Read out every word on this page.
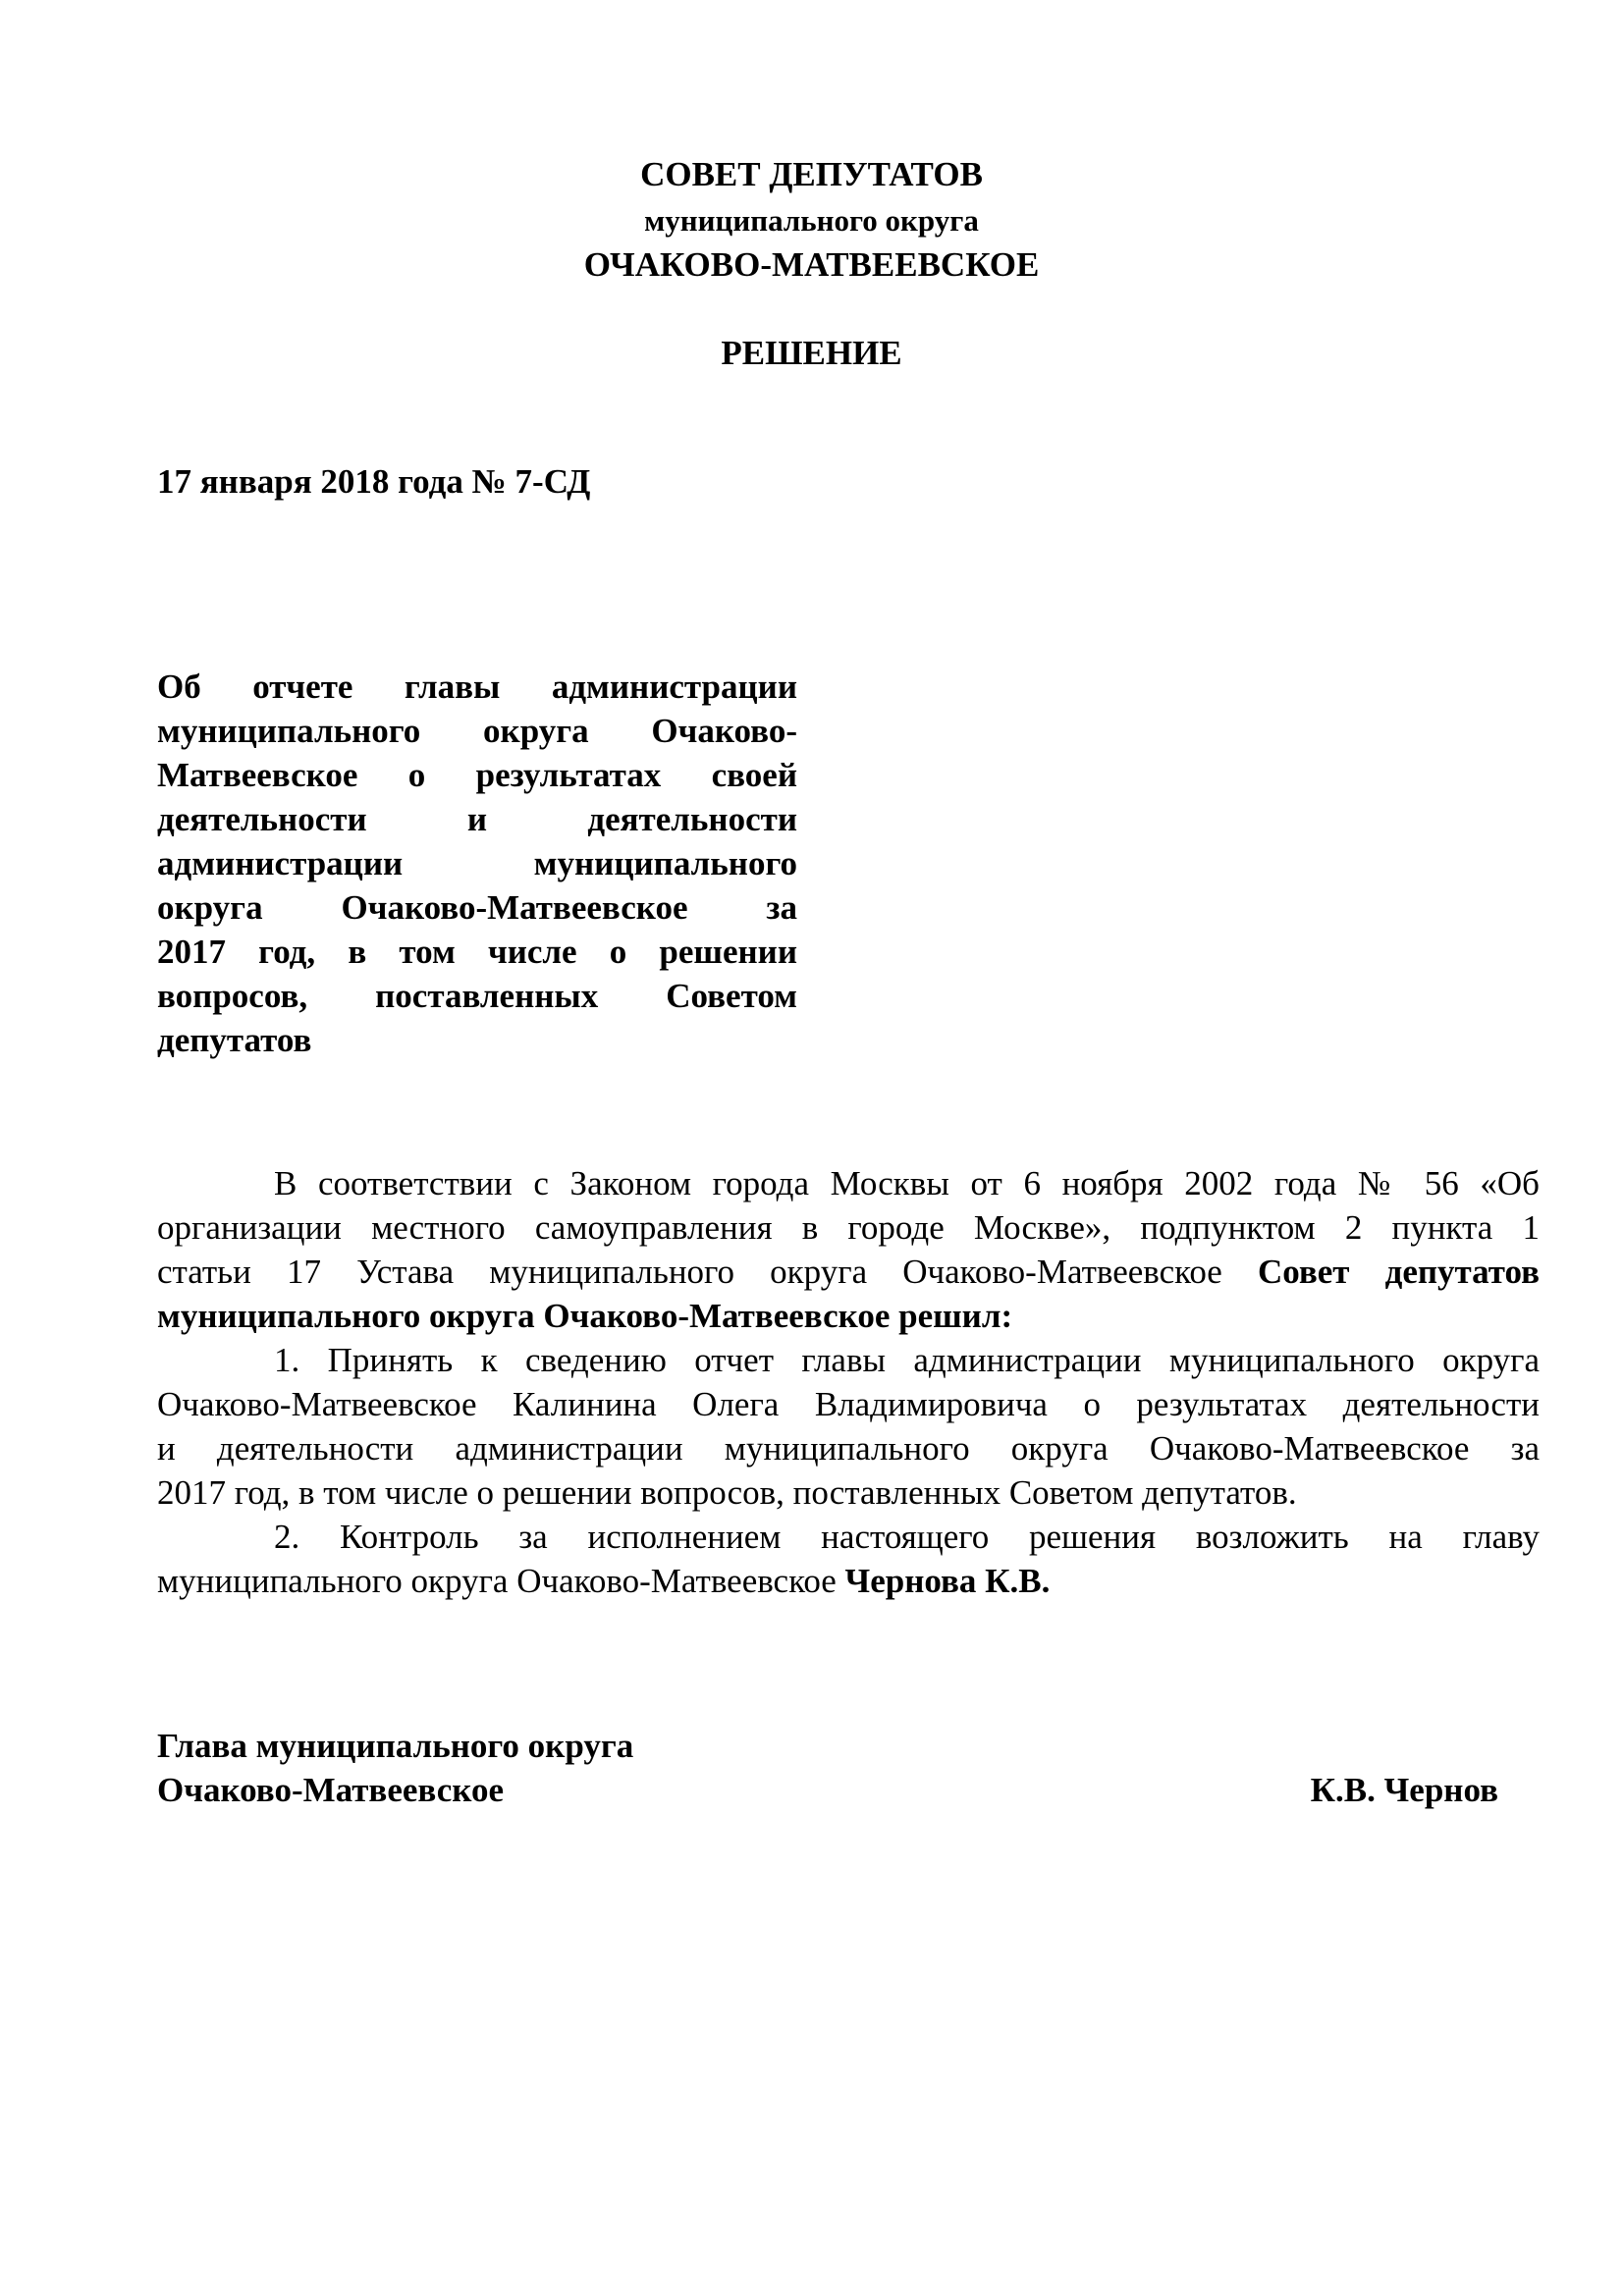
СОВЕТ ДЕПУТАТОВ
муниципального округа
ОЧАКОВО-МАТВЕЕВСКОЕ
РЕШЕНИЕ
17 января 2018 года № 7-СД
Об отчете главы администрации
муниципального округа Очаково-
Матвеевское о результатах своей
деятельности и деятельности
администрации муниципального
округа Очаково-Матвеевское за
2017 год, в том числе о решении
вопросов, поставленных Советом
депутатов
В соответствии с Законом города Москвы от 6 ноября 2002 года № 56 «Об
организации местного самоуправления в городе Москве», подпунктом 2 пункта 1
статьи 17 Устава муниципального округа Очаково-Матвеевское Совет депутатов
муниципального округа Очаково-Матвеевское решил:
1. Принять к сведению отчет главы администрации муниципального округа
Очаково-Матвеевское Калинина Олега Владимировича о результатах деятельности
и деятельности администрации муниципального округа Очаково-Матвеевское за
2017 год, в том числе о решении вопросов, поставленных Советом депутатов.
2. Контроль за исполнением настоящего решения возложить на главу
муниципального округа Очаково-Матвеевское Чернова К.В.
Глава муниципального округа
Очаково-Матвеевское	К.В. Чернов
